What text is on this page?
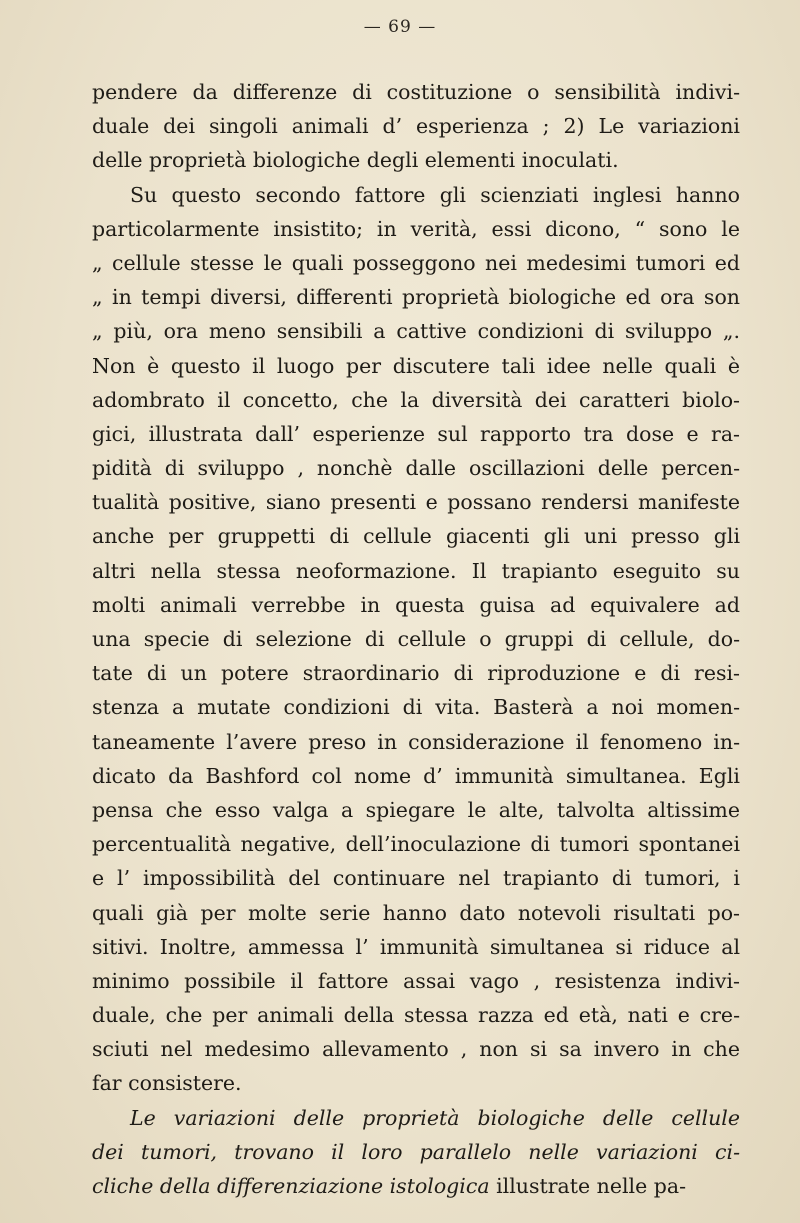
— 69 —
pendere da differenze di costituzione o sensibilità indivi-
duale dei singoli animali d’ esperienza ; 2) Le variazioni
delle proprietà biologiche degli elementi inoculati.
Su questo secondo fattore gli scienziati inglesi hanno
particolarmente insistito; in verità, essi dicono, “ sono le
„ cellule stesse le quali posseggono nei medesimi tumori ed
„ in tempi diversi, differenti proprietà biologiche ed ora son
„ più, ora meno sensibili a cattive condizioni di sviluppo „.
Non è questo il luogo per discutere tali idee nelle quali è
adombrato il concetto, che la diversità dei caratteri biolo-
gici, illustrata dall’ esperienze sul rapporto tra dose e ra-
pidità di sviluppo , nonchè dalle oscillazioni delle percen-
tualità positive, siano presenti e possano rendersi manifeste
anche per gruppetti di cellule giacenti gli uni presso gli
altri nella stessa neoformazione. Il trapianto eseguito su
molti animali verrebbe in questa guisa ad equivalere ad
una specie di selezione di cellule o gruppi di cellule, do-
tate di un potere straordinario di riproduzione e di resi-
stenza a mutate condizioni di vita. Basterà a noi momen-
taneamente l’avere preso in considerazione il fenomeno in-
dicato da Bashford col nome d’ immunità simultanea. Egli
pensa che esso valga a spiegare le alte, talvolta altissime
percentualità negative, dell’inoculazione di tumori spontanei
e l’ impossibilità del continuare nel trapianto di tumori, i
quali già per molte serie hanno dato notevoli risultati po-
sitivi. Inoltre, ammessa l’ immunità simultanea si riduce al
minimo possibile il fattore assai vago , resistenza indivi-
duale, che per animali della stessa razza ed età, nati e cre-
sciuti nel medesimo allevamento , non si sa invero in che
far consistere.
Le variazioni delle proprietà biologiche delle cellule
dei tumori, trovano il loro parallelo nelle variazioni ci-
cliche della differenziazione istologica illustrate nelle pa-
